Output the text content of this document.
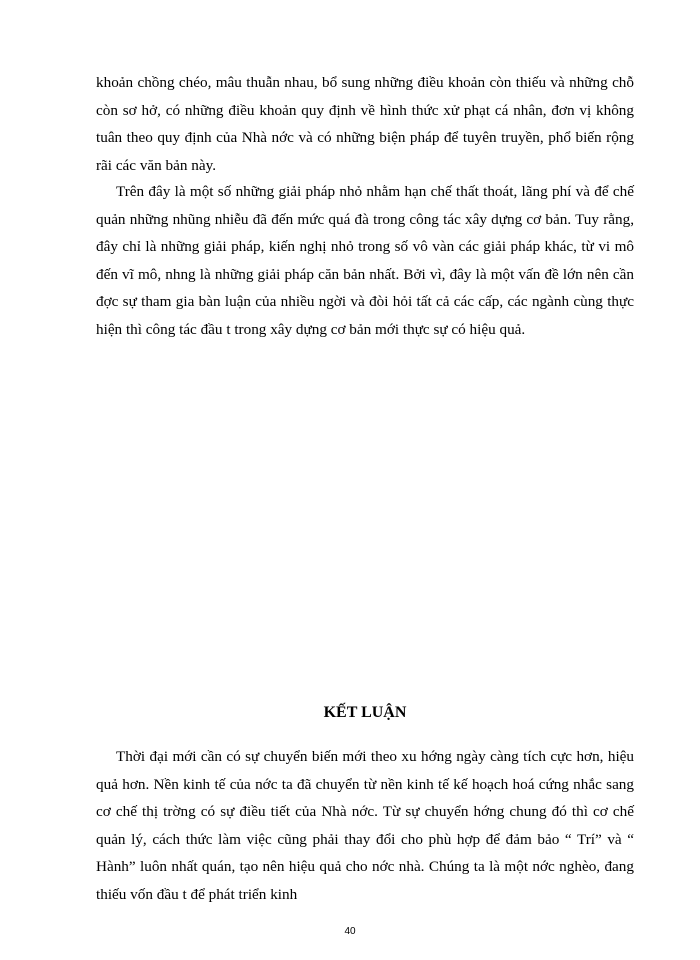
khoản chồng chéo, mâu thuẫn nhau, bổ sung những điều khoản còn thiếu và những chỗ còn sơ hở, có những điều khoản quy định về hình thức xử phạt cá nhân, đơn vị không tuân theo quy định của Nhà nớc và có những biện pháp để tuyên truyền, phổ biến rộng rãi các văn bản này.

Trên đây là một số những giải pháp nhỏ nhằm hạn chế thất thoát, lãng phí và để chế quản những nhũng nhiễu đã đến mức quá đà trong công tác xây dựng cơ bản. Tuy rằng, đây chỉ là những giải pháp, kiến nghị nhỏ trong số vô vàn các giải pháp khác, từ vi mô đến vĩ mô, nhng là những giải pháp căn bản nhất. Bởi vì, đây là một vấn đề lớn nên cần đợc sự tham gia bàn luận của nhiều ngời và đòi hỏi tất cả các cấp, các ngành cùng thực hiện thì công tác đầu t trong xây dựng cơ bản mới thực sự có hiệu quả.

KẾT LUẬN

Thời đại mới cần có sự chuyển biến mới theo xu hớng ngày càng tích cực hơn, hiệu quả hơn. Nền kinh tế của nớc ta đã chuyển từ nền kinh tế kế hoạch hoá cứng nhắc sang cơ chế thị trờng có sự điều tiết của Nhà nớc. Từ sự chuyển hớng chung đó thì cơ chế quản lý, cách thức làm việc cũng phải thay đổi cho phù hợp để đảm bảo “ Trí” và “ Hành” luôn nhất quán, tạo nên hiệu quả cho nớc nhà. Chúng ta là một nớc nghèo, đang thiếu vốn đầu t để phát triển kinh

40
